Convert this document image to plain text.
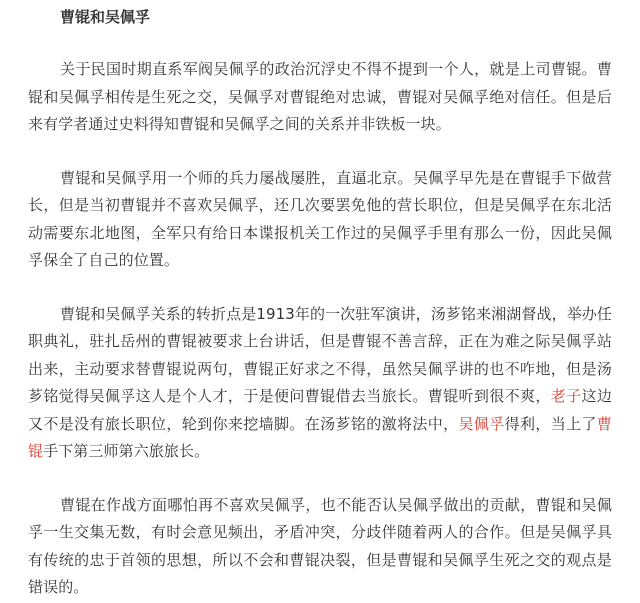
曹锟和吴佩孚

关于民国时期直系军阀吴佩孚的政治沉浮史不得不提到一个人，就是上司曹锟。曹锟和吴佩孚相传是生死之交，吴佩孚对曹锟绝对忠诚，曹锟对吴佩孚绝对信任。但是后来有学者通过史料得知曹锟和吴佩孚之间的关系并非铁板一块。

曹锟和吴佩孚用一个师的兵力屡战屡胜，直逼北京。吴佩孚早先是在曹锟手下做营长，但是当初曹锟并不喜欢吴佩孚，还几次要罢免他的营长职位，但是吴佩孚在东北活动需要东北地图，全军只有给日本谍报机关工作过的吴佩孚手里有那么一份，因此吴佩孚保全了自己的位置。

曹锟和吴佩孚关系的转折点是1913年的一次驻军演讲，汤芗铭来湘湖督战，举办任职典礼，驻扎岳州的曹锟被要求上台讲话，但是曹锟不善言辞，正在为难之际吴佩孚站出来，主动要求替曹锟说两句，曹锟正好求之不得，虽然吴佩孚讲的也不咋地，但是汤芗铭觉得吴佩孚这人是个人才，于是便问曹锟借去当旅长。曹锟听到很不爽，老子这边又不是没有旅长职位，轮到你来挖墙脚。在汤芗铭的激将法中，吴佩孚得利，当上了曹锟手下第三师第六旅旅长。

曹锟在作战方面哪怕再不喜欢吴佩孚，也不能否认吴佩孚做出的贡献，曹锟和吴佩孚一生交集无数，有时会意见频出，矛盾冲突，分歧伴随着两人的合作。但是吴佩孚具有传统的忠于首领的思想，所以不会和曹锟决裂，但是曹锟和吴佩孚生死之交的观点是错误的。
